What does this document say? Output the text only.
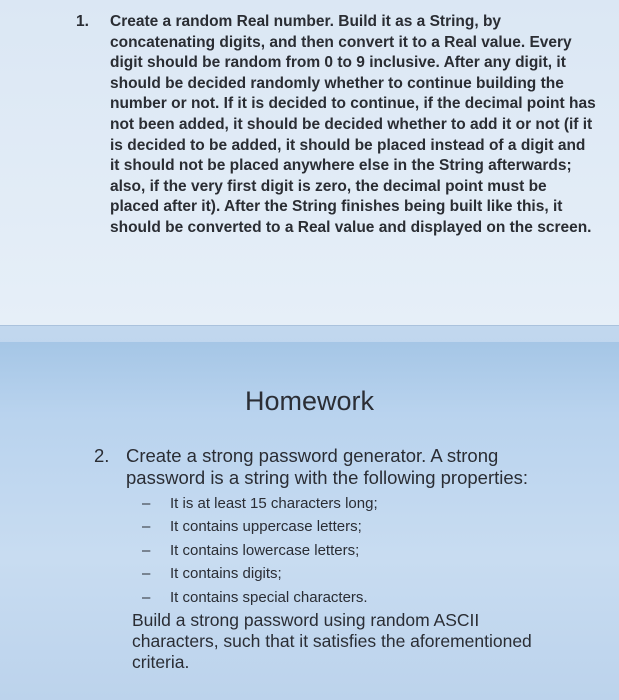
1. Create a random Real number. Build it as a String, by concatenating digits, and then convert it to a Real value. Every digit should be random from 0 to 9 inclusive. After any digit, it should be decided randomly whether to continue building the number or not. If it is decided to continue, if the decimal point has not been added, it should be decided whether to add it or not (if it is decided to be added, it should be placed instead of a digit and it should not be placed anywhere else in the String afterwards; also, if the very first digit is zero, the decimal point must be placed after it). After the String finishes being built like this, it should be converted to a Real value and displayed on the screen.
Homework
2. Create a strong password generator. A strong password is a string with the following properties:
– It is at least 15 characters long;
– It contains uppercase letters;
– It contains lowercase letters;
– It contains digits;
– It contains special characters.
Build a strong password using random ASCII characters, such that it satisfies the aforementioned criteria.
